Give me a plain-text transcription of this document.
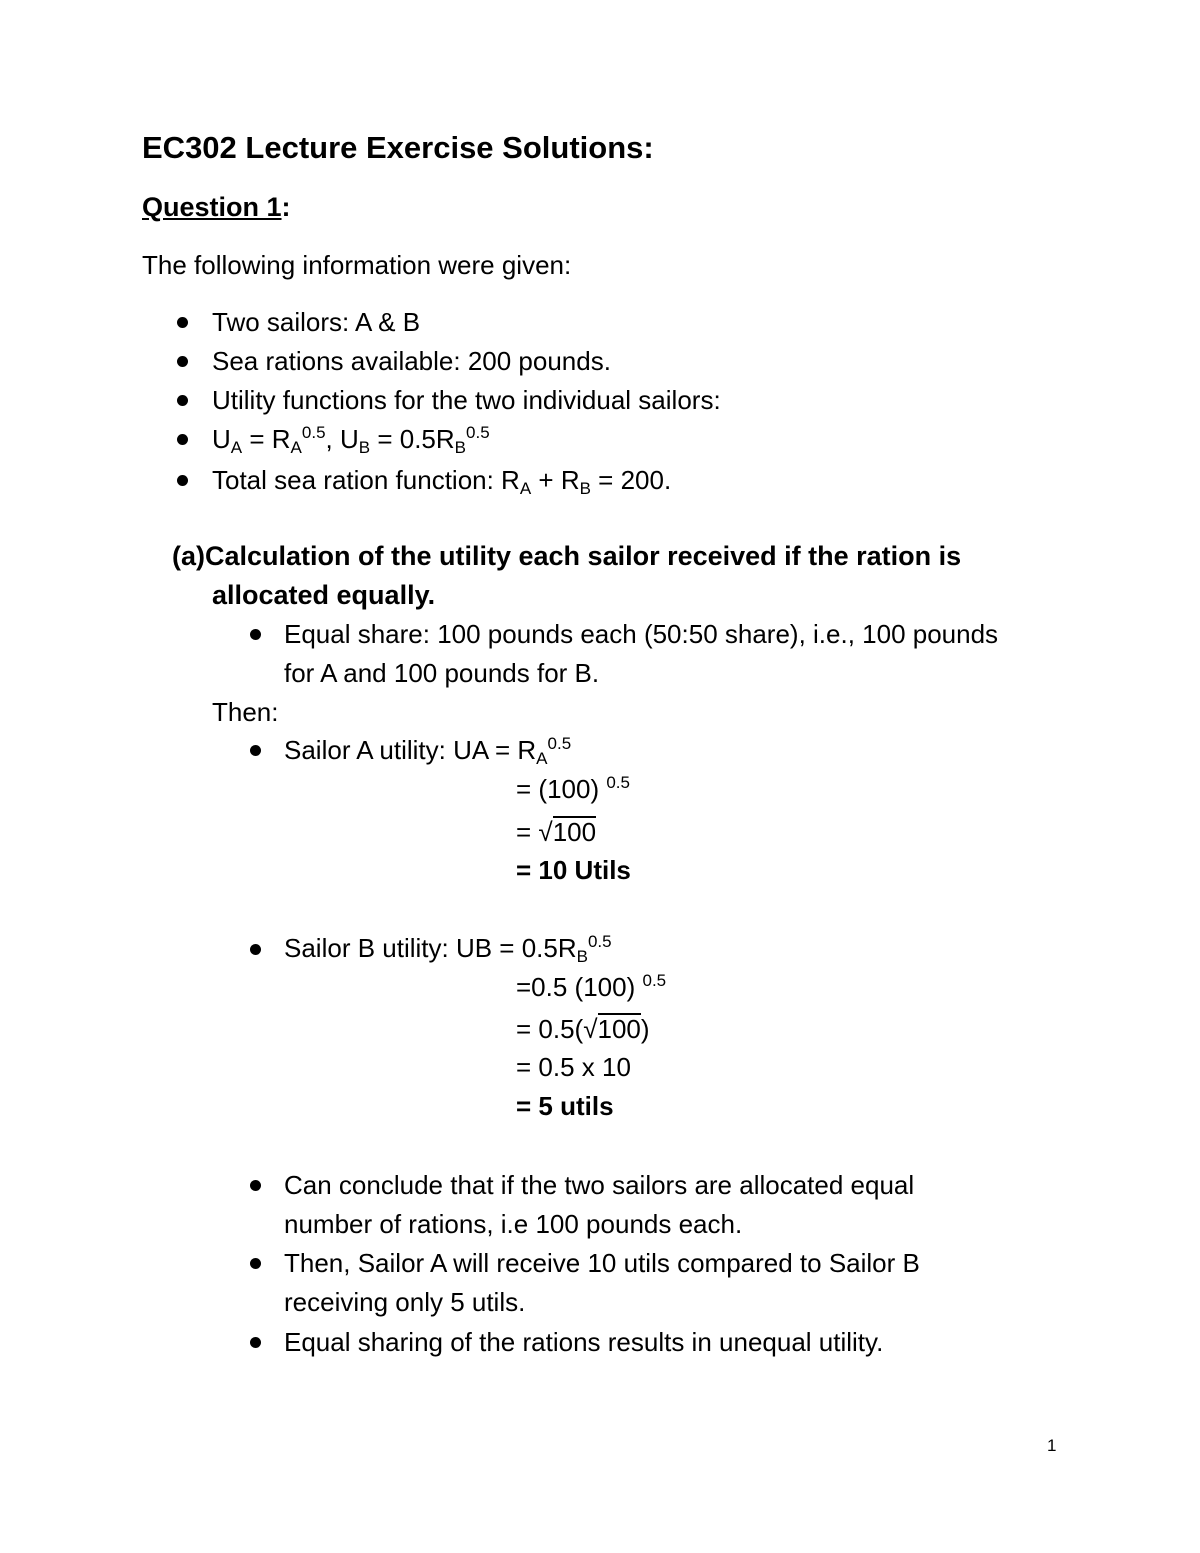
EC302 Lecture Exercise Solutions:
Question 1:
The following information were given:
Two sailors: A & B
Sea rations available: 200 pounds.
Utility functions for the two individual sailors:
$U_A = R_A^{0.5}$, $U_B = 0.5R_B^{0.5}$
Total sea ration function: $R_A + R_B = 200$.
(a)Calculation of the utility each sailor received if the ration is
allocated equally.
Equal share: 100 pounds each (50:50 share), i.e., 100 pounds
for A and 100 pounds for B.
Then:
Sailor A utility: UA = $R_A^{0.5}$
= (100) $^{0.5}$
= √100
= 10 Utils
Sailor B utility: UB = $0.5R_B^{0.5}$
=0.5 (100) $^{0.5}$
= 0.5(√100)
= 0.5 x 10
= 5 utils
Can conclude that if the two sailors are allocated equal
number of rations, i.e 100 pounds each.
Then, Sailor A will receive 10 utils compared to Sailor B
receiving only 5 utils.
Equal sharing of the rations results in unequal utility.
1
